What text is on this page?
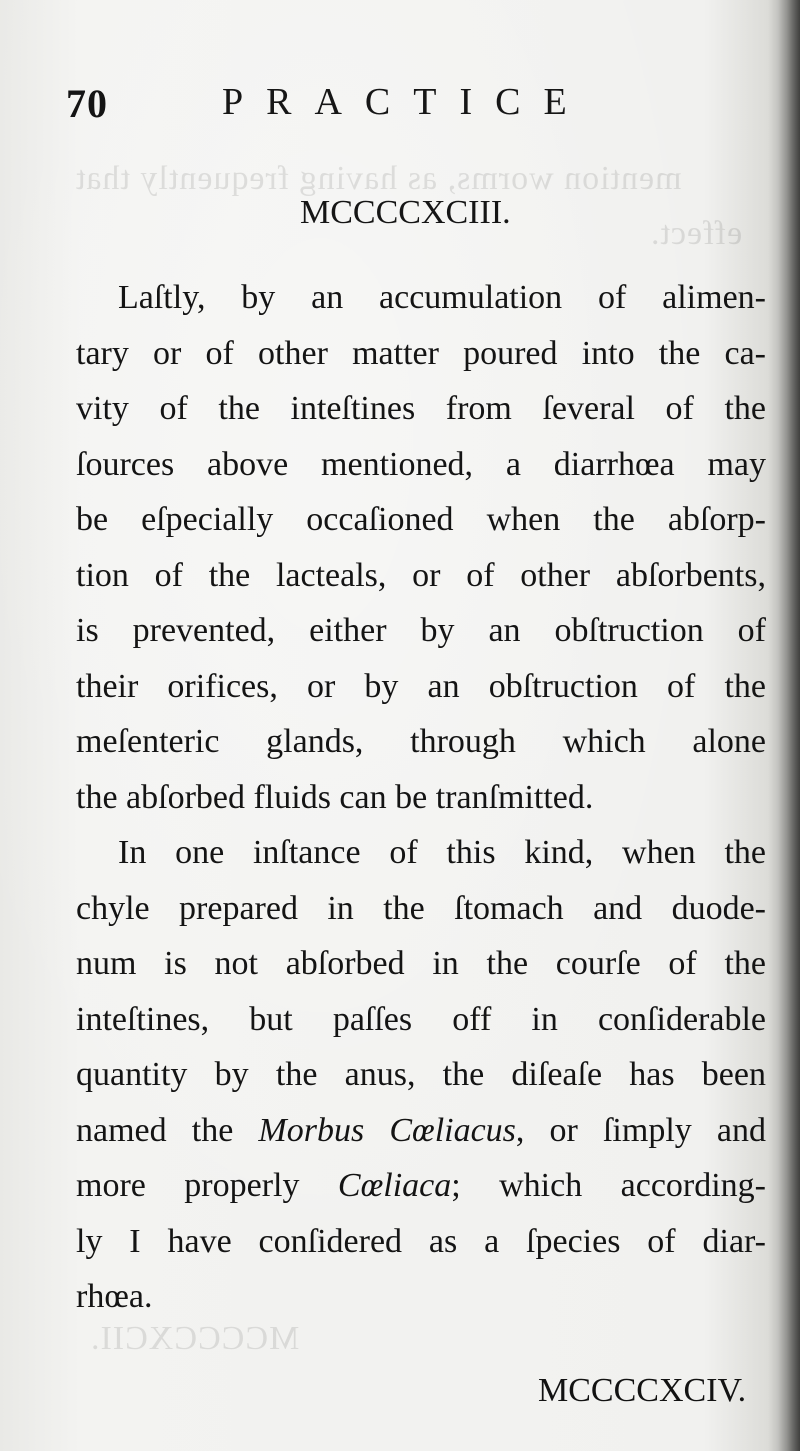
mention worms, as having frequently that
effect.
MCCCCXCII.
70	PRACTICE
MCCCCXCIII.
Laſtly, by an accumulation of alimen-
tary or of other matter poured into the ca-
vity of the inteſtines from ſeveral of the
ſources above mentioned, a diarrhœa may
be eſpecially occaſioned when the abſorp-
tion of the lacteals, or of other abſorbents,
is prevented, either by an obſtruction of
their orifices, or by an obſtruction of the
meſenteric glands, through which alone
the abſorbed fluids can be tranſmitted.
In one inſtance of this kind, when the
chyle prepared in the ſtomach and duode-
num is not abſorbed in the courſe of the
inteſtines, but paſſes off in conſiderable
quantity by the anus, the diſeaſe has been
named the Morbus Cœliacus, or ſimply and
more properly Cœliaca; which according-
ly I have conſidered as a ſpecies of diar-
rhœa.
MCCCCXCIV.
